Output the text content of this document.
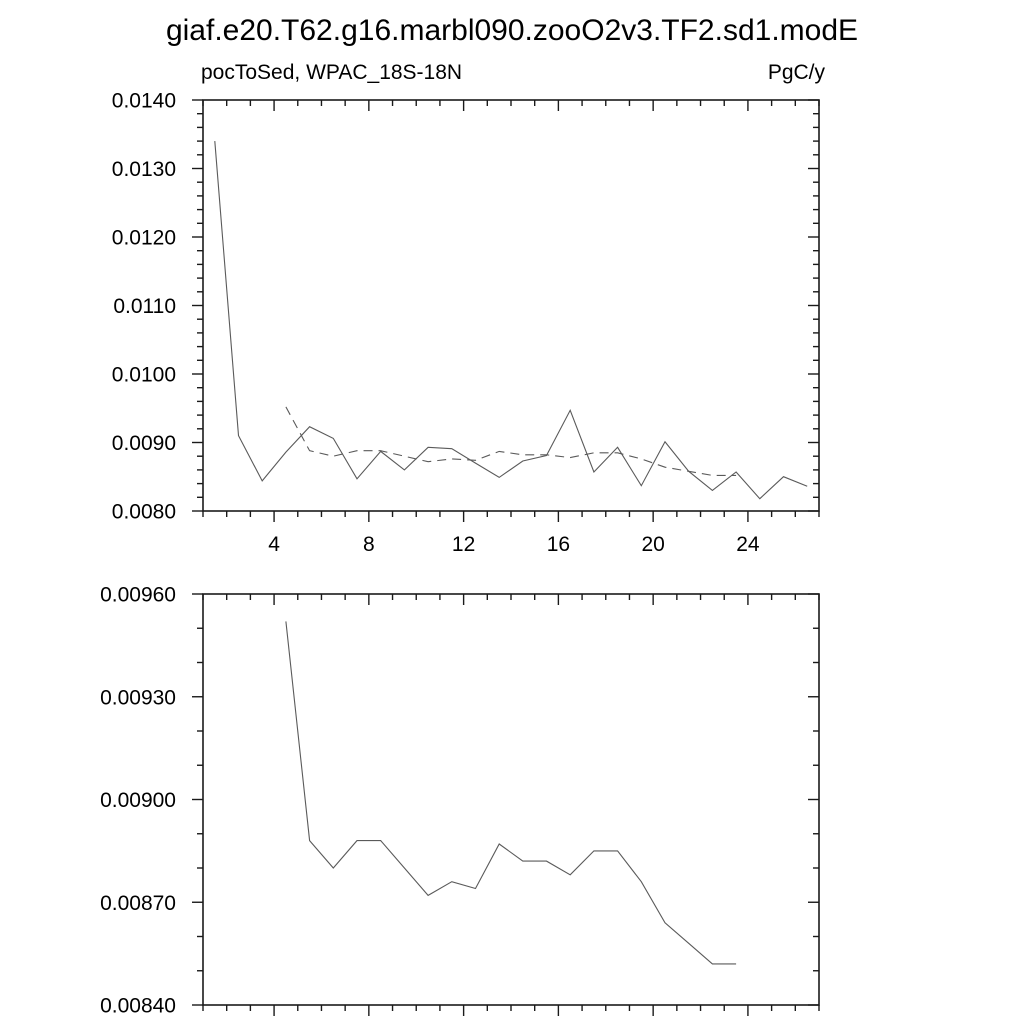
giaf.e20.T62.g16.marbl090.zooO2v3.TF2.sd1.modE
pocToSed, WPAC_18S-18N	PgC/y
4	8	12	16	20	24
0.0080
0.0090
0.0100
0.0110
0.0120
0.0130
0.0140
0.00840
0.00870
0.00900
0.00930
0.00960
